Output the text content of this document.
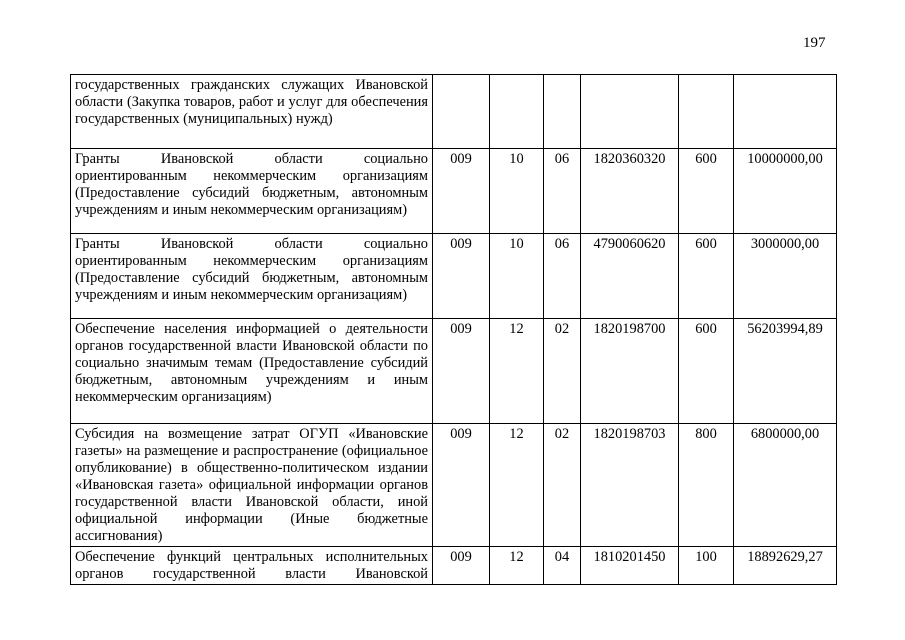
197
государственных гражданских служащих Ивановской области (Закупка товаров, работ и услуг для обеспечения государственных (муниципальных) нужд)						
Гранты Ивановской области социально ориентированным некоммерческим организациям (Предоставление субсидий бюджетным, автономным учреждениям и иным некоммерческим организациям)	009	10	06	1820360320	600	10000000,00
Гранты Ивановской области социально ориентированным некоммерческим организациям (Предоставление субсидий бюджетным, автономным учреждениям и иным некоммерческим организациям)	009	10	06	4790060620	600	3000000,00
Обеспечение населения информацией о деятельности органов государственной власти Ивановской области по социально значимым темам (Предоставление субсидий бюджетным, автономным учреждениям и иным некоммерческим организациям)	009	12	02	1820198700	600	56203994,89
Субсидия на возмещение затрат ОГУП «Ивановские газеты» на размещение и распространение (официальное опубликование) в общественно-политическом издании «Ивановская газета» официальной информации органов государственной власти Ивановской области, иной официальной информации (Иные бюджетные ассигнования)	009	12	02	1820198703	800	6800000,00
Обеспечение функций центральных исполнительных органов государственной власти Ивановской	009	12	04	1810201450	100	18892629,27
